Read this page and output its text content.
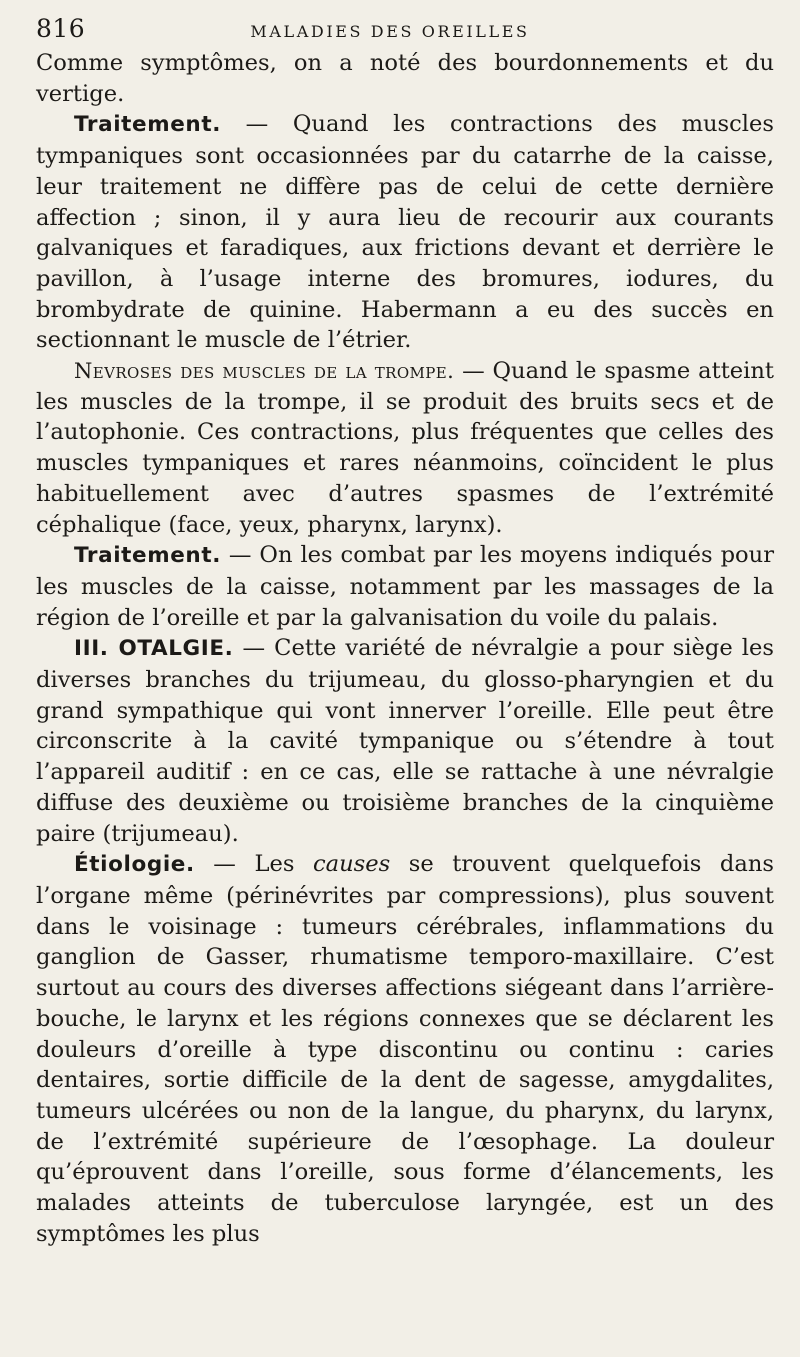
816	MALADIES DES OREILLES

Comme symptômes, on a noté des bourdonnements et du vertige.

Traitement. — Quand les contractions des muscles tympaniques sont occasionnées par du catarrhe de la caisse, leur traitement ne diffère pas de celui de cette dernière affection ; sinon, il y aura lieu de recourir aux courants galvaniques et faradiques, aux frictions devant et derrière le pavillon, à l’usage interne des bromures, iodures, du brombydrate de quinine. Habermann a eu des succès en sectionnant le muscle de l’étrier.

Nevroses des muscles de la trompe. — Quand le spasme atteint les muscles de la trompe, il se produit des bruits secs et de l’autophonie. Ces contractions, plus fréquentes que celles des muscles tympaniques et rares néanmoins, coïncident le plus habituellement avec d’autres spasmes de l’extrémité céphalique (face, yeux, pharynx, larynx).

Traitement. — On les combat par les moyens indiqués pour les muscles de la caisse, notamment par les massages de la région de l’oreille et par la galvanisation du voile du palais.

III. OTALGIE. — Cette variété de névralgie a pour siège les diverses branches du trijumeau, du glosso-pharyngien et du grand sympathique qui vont innerver l’oreille. Elle peut être circonscrite à la cavité tympanique ou s’étendre à tout l’appareil auditif : en ce cas, elle se rattache à une névralgie diffuse des deuxième ou troisième branches de la cinquième paire (trijumeau).

Étiologie. — Les causes se trouvent quelquefois dans l’organe même (périnévrites par compressions), plus souvent dans le voisinage : tumeurs cérébrales, inflammations du ganglion de Gasser, rhumatisme temporo-maxillaire. C’est surtout au cours des diverses affections siégeant dans l’arrière-bouche, le larynx et les régions connexes que se déclarent les douleurs d’oreille à type discontinu ou continu : caries dentaires, sortie difficile de la dent de sagesse, amygdalites, tumeurs ulcérées ou non de la langue, du pharynx, du larynx, de l’extrémité supérieure de l’œsophage. La douleur qu’éprouvent dans l’oreille, sous forme d’élancements, les malades atteints de tuberculose laryngée, est un des symptômes les plus
